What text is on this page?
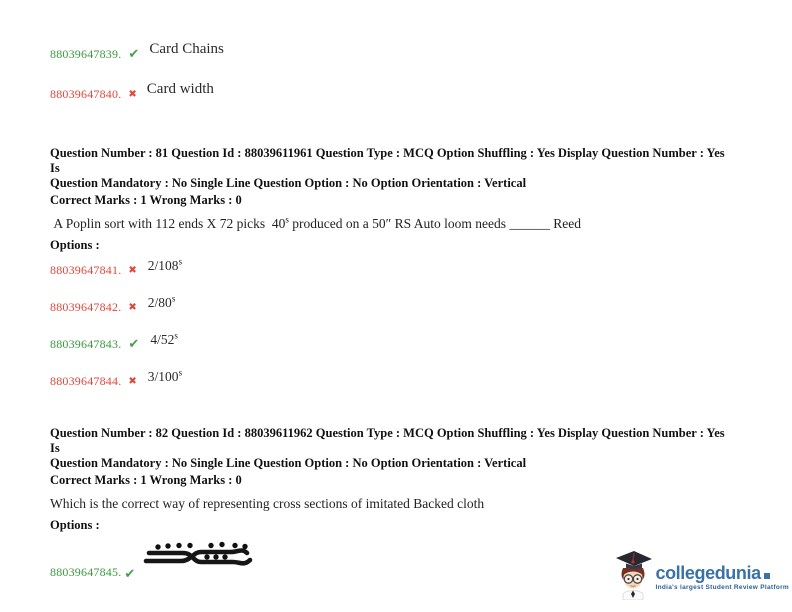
88039647839. ✔ Card Chains
88039647840. ✖ Card width

Question Number : 81 Question Id : 88039611961 Question Type : MCQ Option Shuffling : Yes Display Question Number : Yes Is
Question Mandatory : No Single Line Question Option : No Option Orientation : Vertical

Correct Marks : 1 Wrong Marks : 0

A Poplin sort with 112 ends X 72 picks  40$^s$ produced on a 50″ RS Auto loom needs ______ Reed

Options :

88039647841. ✖ $^{2/108^s}$
88039647842. ✖ $^{2/80^s}$
88039647843. ✔ $^{4/52^s}$
88039647844. ✖ $^{3/100^s}$

Question Number : 82 Question Id : 88039611962 Question Type : MCQ Option Shuffling : Yes Display Question Number : Yes Is
Question Mandatory : No Single Line Question Option : No Option Orientation : Vertical

Correct Marks : 1 Wrong Marks : 0

Which is the correct way of representing cross sections of imitated Backed cloth

Options :

88039647845. ✔	collegedunia
India's largest Student Review Platform
